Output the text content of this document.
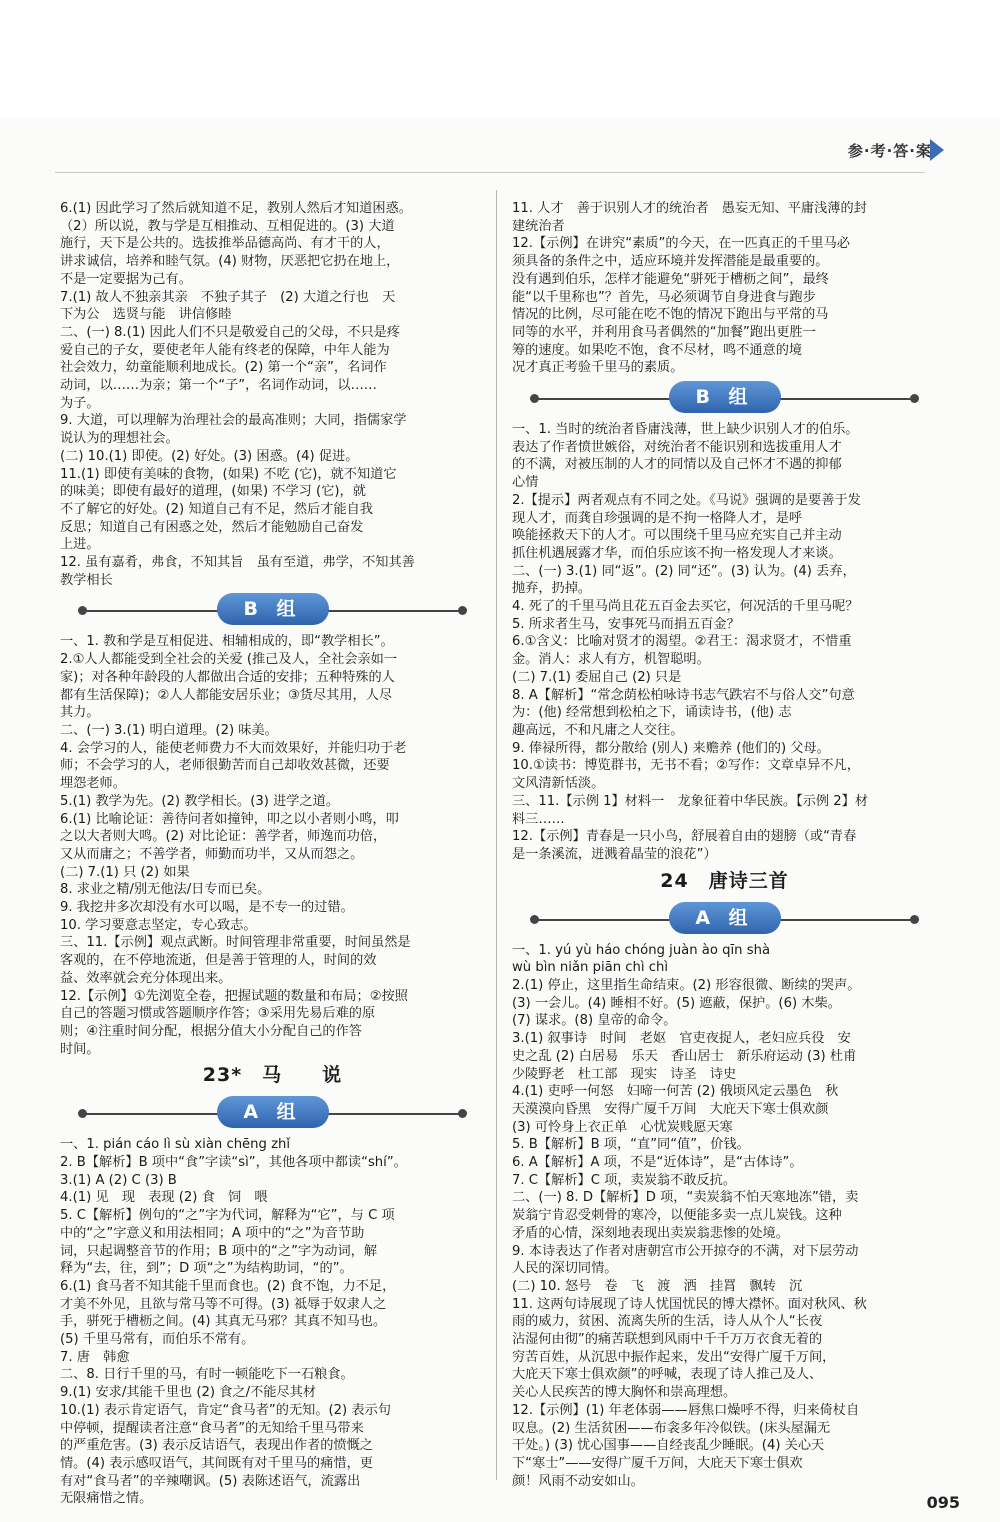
参·考·答·案
6.(1) 因此学习了然后就知道不足，教别人然后才知道困惑。
（2）所以说，教与学是互相推动、互相促进的。(3) 大道
施行，天下是公共的。选拔推举品德高尚、有才干的人，
讲求诚信，培养和睦气氛。(4) 财物，厌恶把它扔在地上，
不是一定要据为己有。
7.(1) 故人不独亲其亲　不独子其子　(2) 大道之行也　天
下为公　选贤与能　讲信修睦
二、(一) 8.(1) 因此人们不只是敬爱自己的父母，不只是疼
爱自己的子女，要使老年人能有终老的保障，中年人能为
社会效力，幼童能顺利地成长。(2) 第一个“亲”，名词作
动词，以……为亲；第一个“子”，名词作动词，以……
为子。
9. 大道，可以理解为治理社会的最高准则；大同，指儒家学
说认为的理想社会。
(二) 10.(1) 即使。(2) 好处。(3) 困惑。(4) 促进。
11.(1) 即使有美味的食物，(如果) 不吃 (它)，就不知道它
的味美；即使有最好的道理，(如果) 不学习 (它)，就
不了解它的好处。(2) 知道自己有不足，然后才能自我
反思；知道自己有困惑之处，然后才能勉励自己奋发
上进。
12. 虽有嘉肴，弗食，不知其旨　虽有至道，弗学，不知其善
教学相长
B 组
一、1. 教和学是互相促进、相辅相成的，即“教学相长”。
2.①人人都能受到全社会的关爱 (推己及人，全社会亲如一
家)；对各种年龄段的人都做出合适的安排；五种特殊的人
都有生活保障)；②人人都能安居乐业；③货尽其用，人尽
其力。
二、(一) 3.(1) 明白道理。(2) 味美。
4. 会学习的人，能使老师费力不大而效果好，并能归功于老
师；不会学习的人，老师很勤苦而自己却收效甚微，还要
埋怨老师。
5.(1) 教学为先。(2) 教学相长。(3) 进学之道。
6.(1) 比喻论证：善待问者如撞钟，叩之以小者则小鸣，叩
之以大者则大鸣。(2) 对比论证：善学者，师逸而功倍，
又从而庸之；不善学者，师勤而功半，又从而怨之。
(二) 7.(1) 只 (2) 如果
8. 求业之精/别无他法/日专而已矣。
9. 我挖井多次却没有水可以喝，是不专一的过错。
10. 学习要意志坚定，专心致志。
三、11.【示例】观点武断。时间管理非常重要，时间虽然是
客观的，在不停地流逝，但是善于管理的人，时间的效
益、效率就会充分体现出来。
12.【示例】①先浏览全卷，把握试题的数量和布局；②按照
自己的答题习惯或答题顺序作答；③采用先易后难的原
则；④注重时间分配，根据分值大小分配自己的作答
时间。
23*　马　　说
A 组
一、1. pián cáo lì sù xiàn chēng zhǐ
2. B【解析】B 项中“食”字读“sì”，其他各项中都读“shí”。
3.(1) A (2) C (3) B
4.(1) 见　现　表现 (2) 食　饲　喂
5. C【解析】例句的“之”字为代词，解释为“它”，与 C 项
中的“之”字意义和用法相同；A 项中的“之”为音节助
词，只起调整音节的作用；B 项中的“之”字为动词，解
释为“去，往，到”；D 项“之”为结构助词，“的”。
6.(1) 食马者不知其能千里而食也。(2) 食不饱，力不足，
才美不外见，且欲与常马等不可得。(3) 祗辱于奴隶人之
手，骈死于槽枥之间。(4) 其真无马邪？其真不知马也。
(5) 千里马常有，而伯乐不常有。
7. 唐　韩愈
二、8. 日行千里的马，有时一顿能吃下一石粮食。
9.(1) 安求/其能千里也 (2) 食之/不能尽其材
10.(1) 表示肯定语气，肯定“食马者”的无知。(2) 表示句
中停顿，提醒读者注意“食马者”的无知给千里马带来
的严重危害。(3) 表示反诘语气，表现出作者的愤慨之
情。(4) 表示感叹语气，其间既有对千里马的痛惜，更
有对“食马者”的辛辣嘲讽。(5) 表陈述语气，流露出
无限痛惜之情。
11. 人才　善于识别人才的统治者　愚妄无知、平庸浅薄的封
建统治者
12.【示例】在讲究“素质”的今天，在一匹真正的千里马必
须具备的条件之中，适应环境并发挥潜能是最重要的。
没有遇到伯乐，怎样才能避免“骈死于槽枥之间”，最终
能“以千里称也”？首先，马必须调节自身进食与跑步
情况的比例，尽可能在吃不饱的情况下跑出与平常的马
同等的水平，并利用食马者偶然的“加餐”跑出更胜一
筹的速度。如果吃不饱，食不尽材，鸣不通意的境
况才真正考验千里马的素质。
B 组
一、1. 当时的统治者昏庸浅薄，世上缺少识别人才的伯乐。
表达了作者愤世嫉俗，对统治者不能识别和选拔重用人才
的不满，对被压制的人才的同情以及自己怀才不遇的抑郁
心情
2.【提示】两者观点有不同之处。《马说》强调的是要善于发
现人才，而龚自珍强调的是不拘一格降人才，是呼
唤能拯救天下的人才。可以围绕千里马应充实自己并主动
抓住机遇展露才华，而伯乐应该不拘一格发现人才来谈。
二、(一) 3.(1) 同“返”。(2) 同“还”。(3) 认为。(4) 丢弃，
抛弃，扔掉。
4. 死了的千里马尚且花五百金去买它，何况活的千里马呢？
5. 所求者生马，安事死马而捐五百金？
6.①含义：比喻对贤才的渴望。②君王：渴求贤才，不惜重
金。消人：求人有方，机智聪明。
(二) 7.(1) 委屈自己 (2) 只是
8. A【解析】“常念荫松柏咏诗书志气跌宕不与俗人交”句意
为：(他) 经常想到松柏之下，诵读诗书，(他) 志
趣高远，不和凡庸之人交往。
9. 俸禄所得，都分散给 (别人) 来赡养 (他们的) 父母。
10.①读书：博览群书，无书不看；②写作：文章卓异不凡，
文风清新恬淡。
三、11.【示例 1】材料一　龙象征着中华民族。【示例 2】材
料三……
12.【示例】青春是一只小鸟，舒展着自由的翅膀（或“青春
是一条溪流，迸溅着晶莹的浪花”）
24　唐诗三首
A 组
一、1. yú yù háo chóng juàn ào qīn shà
wù bìn niǎn piān chì chì
2.(1) 停止，这里指生命结束。(2) 形容很微、断续的哭声。
(3) 一会儿。(4) 睡相不好。(5) 遮蔽，保护。(6) 木柴。
(7) 谋求。(8) 皇帝的命令。
3.(1) 叙事诗　时间　老妪　官吏夜捉人，老妇应兵役　安
史之乱 (2) 白居易　乐天　香山居士　新乐府运动 (3) 杜甫
少陵野老　杜工部　现实　诗圣　诗史
4.(1) 吏呼一何怒　妇啼一何苦 (2) 俄顷风定云墨色　秋
天漠漠向昏黑　安得广厦千万间　大庇天下寒士俱欢颜
(3) 可怜身上衣正单　心忧炭贱愿天寒
5. B【解析】B 项，“直”同“值”，价钱。
6. A【解析】A 项，不是“近体诗”，是“古体诗”。
7. C【解析】C 项，卖炭翁不敢反抗。
二、(一) 8. D【解析】D 项，“卖炭翁不怕天寒地冻”错，卖
炭翁宁肯忍受刺骨的寒冷，以便能多卖一点儿炭钱。这种
矛盾的心情，深刻地表现出卖炭翁悲惨的处境。
9. 本诗表达了作者对唐朝宫市公开掠夺的不满，对下层劳动
人民的深切同情。
(二) 10. 怒号　卷　飞　渡　洒　挂罥　飘转　沉
11. 这两句诗展现了诗人忧国忧民的博大襟怀。面对秋风、秋
雨的威力，贫困、流离失所的生活，诗人从个人“长夜
沾湿何由彻”的痛苦联想到风雨中千千万万衣食无着的
穷苦百姓，从沉思中振作起来，发出“安得广厦千万间，
大庇天下寒士俱欢颜”的呼喊，表现了诗人推己及人、
关心人民疾苦的博大胸怀和崇高理想。
12.【示例】(1) 年老体弱——唇焦口燥呼不得，归来倚杖自
叹息。(2) 生活贫困——布衾多年冷似铁。(床头屋漏无
干处。) (3) 忧心国事——自经丧乱少睡眠。(4) 关心天
下“寒士”——安得广厦千万间，大庇天下寒士俱欢
颜！风雨不动安如山。
095
